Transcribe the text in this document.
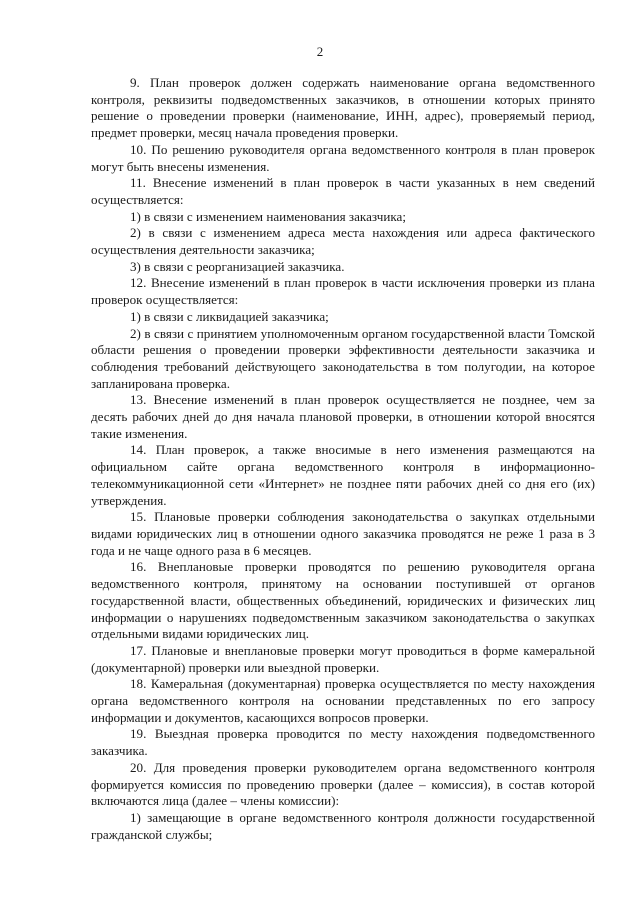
2

9. План проверок должен содержать наименование органа ведомственного контроля, реквизиты подведомственных заказчиков, в отношении которых принято решение о проведении проверки (наименование, ИНН, адрес), проверяемый период, предмет проверки, месяц начала проведения проверки.

10. По решению руководителя органа ведомственного контроля в план проверок могут быть внесены изменения.

11. Внесение изменений в план проверок в части указанных в нем сведений осуществляется:

1) в связи с изменением наименования заказчика;

2) в связи с изменением адреса места нахождения или адреса фактического осуществления деятельности заказчика;

3) в связи с реорганизацией заказчика.

12. Внесение изменений в план проверок в части исключения проверки из плана проверок осуществляется:

1) в связи с ликвидацией заказчика;

2) в связи с принятием уполномоченным органом государственной власти Томской области решения о проведении проверки эффективности деятельности заказчика и соблюдения требований действующего законодательства в том полугодии, на которое запланирована проверка.

13. Внесение изменений в план проверок осуществляется не позднее, чем за десять рабочих дней до дня начала плановой проверки, в отношении которой вносятся такие изменения.

14. План проверок, а также вносимые в него изменения размещаются на официальном сайте органа ведомственного контроля в информационно-телекоммуникационной сети «Интернет» не позднее пяти рабочих дней со дня его (их) утверждения.

15. Плановые проверки соблюдения законодательства о закупках отдельными видами юридических лиц в отношении одного заказчика проводятся не реже 1 раза в 3 года и не чаще одного раза в 6 месяцев.

16. Внеплановые проверки проводятся по решению руководителя органа ведомственного контроля, принятому на основании поступившей от органов государственной власти, общественных объединений, юридических и физических лиц информации о нарушениях подведомственным заказчиком законодательства о закупках отдельными видами юридических лиц.

17. Плановые и внеплановые проверки могут проводиться в форме камеральной (документарной) проверки или выездной проверки.

18. Камеральная (документарная) проверка осуществляется по месту нахождения органа ведомственного контроля на основании представленных по его запросу информации и документов, касающихся вопросов проверки.

19. Выездная проверка проводится по месту нахождения подведомственного заказчика.

20. Для проведения проверки руководителем органа ведомственного контроля формируется комиссия по проведению проверки (далее – комиссия), в состав которой включаются лица (далее – члены комиссии):

1) замещающие в органе ведомственного контроля должности государственной гражданской службы;
